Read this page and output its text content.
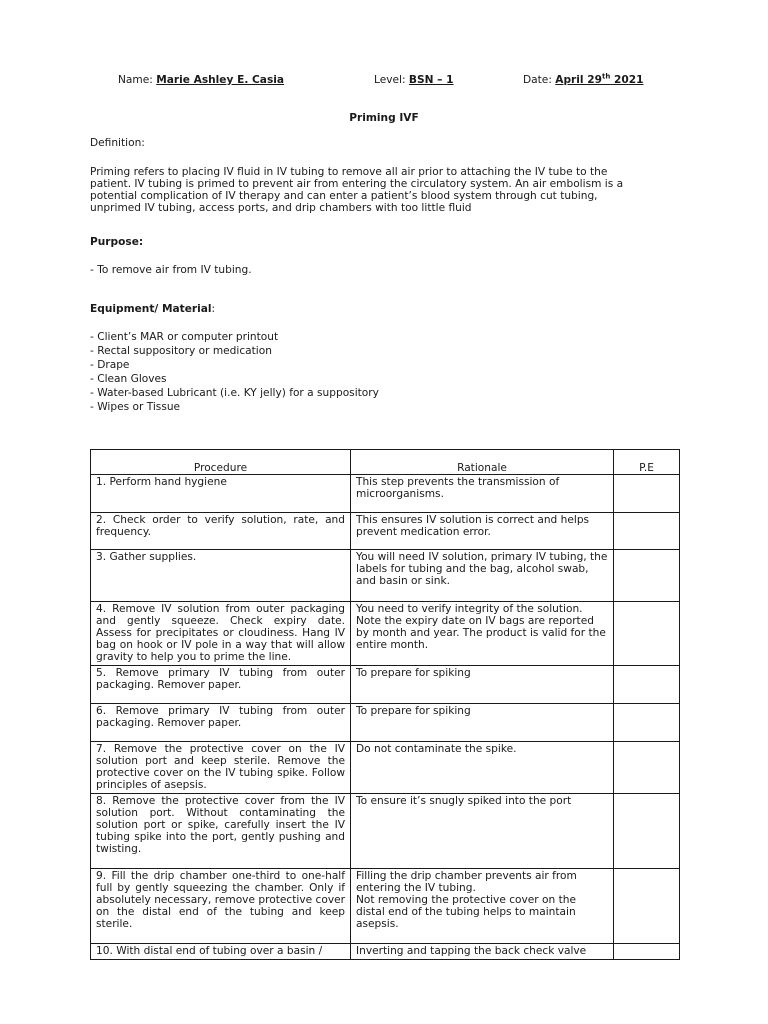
Name: Marie Ashley E. Casia	Level: BSN – 1	Date: April 29th 2021
Priming IVF
Definition:
Priming refers to placing IV fluid in IV tubing to remove all air prior to attaching the IV tube to the patient. IV tubing is primed to prevent air from entering the circulatory system. An air embolism is a potential complication of IV therapy and can enter a patient’s blood system through cut tubing, unprimed IV tubing, access ports, and drip chambers with too little fluid
Purpose:
- To remove air from IV tubing.
Equipment/ Material:
- Client’s MAR or computer printout
- Rectal suppository or medication
- Drape
- Clean Gloves
- Water-based Lubricant (i.e. KY jelly) for a suppository
- Wipes or Tissue
Procedure	Rationale	P.E
1. Perform hand hygiene	This step prevents the transmission of microorganisms.	

2. Check order to verify solution, rate, and frequency.	This ensures IV solution is correct and helps prevent medication error.	

3. Gather supplies.	You will need IV solution, primary IV tubing, the labels for tubing and the bag, alcohol swab, and basin or sink.	

4. Remove IV solution from outer packaging and gently squeeze. Check expiry date. Assess for precipitates or cloudiness. Hang IV bag on hook or IV pole in a way that will allow gravity to help you to prime the line.	You need to verify integrity of the solution. Note the expiry date on IV bags are reported by month and year. The product is valid for the entire month.	

5. Remove primary IV tubing from outer packaging. Remover paper.	To prepare for spiking	

6. Remove primary IV tubing from outer packaging. Remover paper.	To prepare for spiking	

7. Remove the protective cover on the IV solution port and keep sterile. Remove the protective cover on the IV tubing spike. Follow principles of asepsis.	Do not contaminate the spike.	

8. Remove the protective cover from the IV solution port. Without contaminating the solution port or spike, carefully insert the IV tubing spike into the port, gently pushing and twisting.	To ensure it’s snugly spiked into the port	

9. Fill the drip chamber one-third to one-half full by gently squeezing the chamber. Only if absolutely necessary, remove protective cover on the distal end of the tubing and keep sterile.	Filling the drip chamber prevents air from entering the IV tubing.
Not removing the protective cover on the distal end of the tubing helps to maintain asepsis.	

10. With distal end of tubing over a basin /	Inverting and tapping the back check valve	
